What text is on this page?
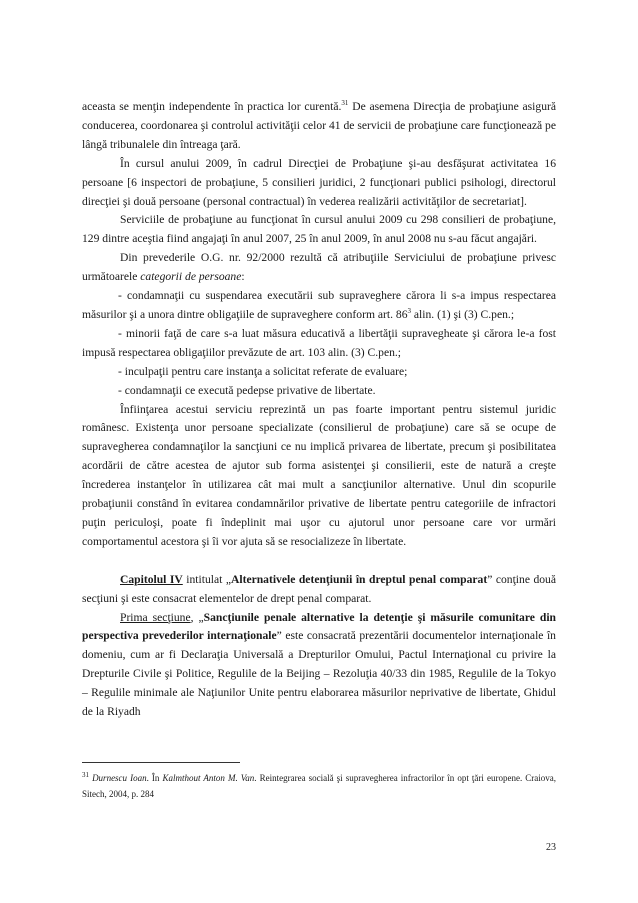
aceasta se menţin independente în practica lor curentă.$^{31}$ De asemena Direcţia de probaţiune asigură conducerea, coordonarea şi controlul activităţii celor 41 de servicii de probaţiune care funcţionează pe lângă tribunalele din întreaga ţară.

În cursul anului 2009, în cadrul Direcţiei de Probaţiune şi-au desfăşurat activitatea 16 persoane [6 inspectori de probaţiune, 5 consilieri juridici, 2 funcţionari publici psihologi, directorul direcţiei şi două persoane (personal contractual) în vederea realizării activităţilor de secretariat].

Serviciile de probaţiune au funcţionat în cursul anului 2009 cu 298 consilieri de probaţiune, 129 dintre aceştia fiind angajaţi în anul 2007, 25 în anul 2009, în anul 2008 nu s-au făcut angajări.

Din prevederile O.G. nr. 92/2000 rezultă că atribuţiile Serviciului de probaţiune privesc următoarele categorii de persoane:

- condamnaţii cu suspendarea executării sub supraveghere cărora li s-a impus respectarea măsurilor şi a unora dintre obligaţiile de supraveghere conform art. $86^3$ alin. (1) şi (3) C.pen.;

- minorii faţă de care s-a luat măsura educativă a libertăţii supravegheate şi cărora le-a fost impusă respectarea obligaţiilor prevăzute de art. 103 alin. (3) C.pen.;

- inculpaţii pentru care instanţa a solicitat referate de evaluare;

- condamnaţii ce execută pedepse privative de libertate.

Înfiinţarea acestui serviciu reprezintă un pas foarte important pentru sistemul juridic românesc. Existenţa unor persoane specializate (consilierul de probaţiune) care să se ocupe de supravegherea condamnaţilor la sancţiuni ce nu implică privarea de libertate, precum şi posibilitatea acordării de către acestea de ajutor sub forma asistenţei şi consilierii, este de natură a creşte încrederea instanţelor în utilizarea cât mai mult a sancţiunilor alternative. Unul din scopurile probaţiunii constând în evitarea condamnărilor privative de libertate pentru categoriile de infractori puţin periculoşi, poate fi îndeplinit mai uşor cu ajutorul unor persoane care vor urmări comportamentul acestora şi îi vor ajuta să se resocializeze în libertate.

Capitolul IV intitulat „Alternativele detenţiunii în dreptul penal comparat” conţine două secţiuni şi este consacrat elementelor de drept penal comparat.

Prima secţiune, „Sancţiunile penale alternative la detenţie şi măsurile comunitare din perspectiva prevederilor internaţionale” este consacrată prezentării documentelor internaţionale în domeniu, cum ar fi Declaraţia Universală a Drepturilor Omului, Pactul Internaţional cu privire la Drepturile Civile şi Politice, Regulile de la Beijing – Rezoluţia 40/33 din 1985, Regulile de la Tokyo – Regulile minimale ale Naţiunilor Unite pentru elaborarea măsurilor neprivative de libertate, Ghidul de la Riyadh

$^{31}$ Durnescu Ioan. În Kalmthout Anton M. Van. Reintegrarea socială şi supravegherea infractorilor în opt ţări europene. Craiova, Sitech, 2004, p. 284
23
